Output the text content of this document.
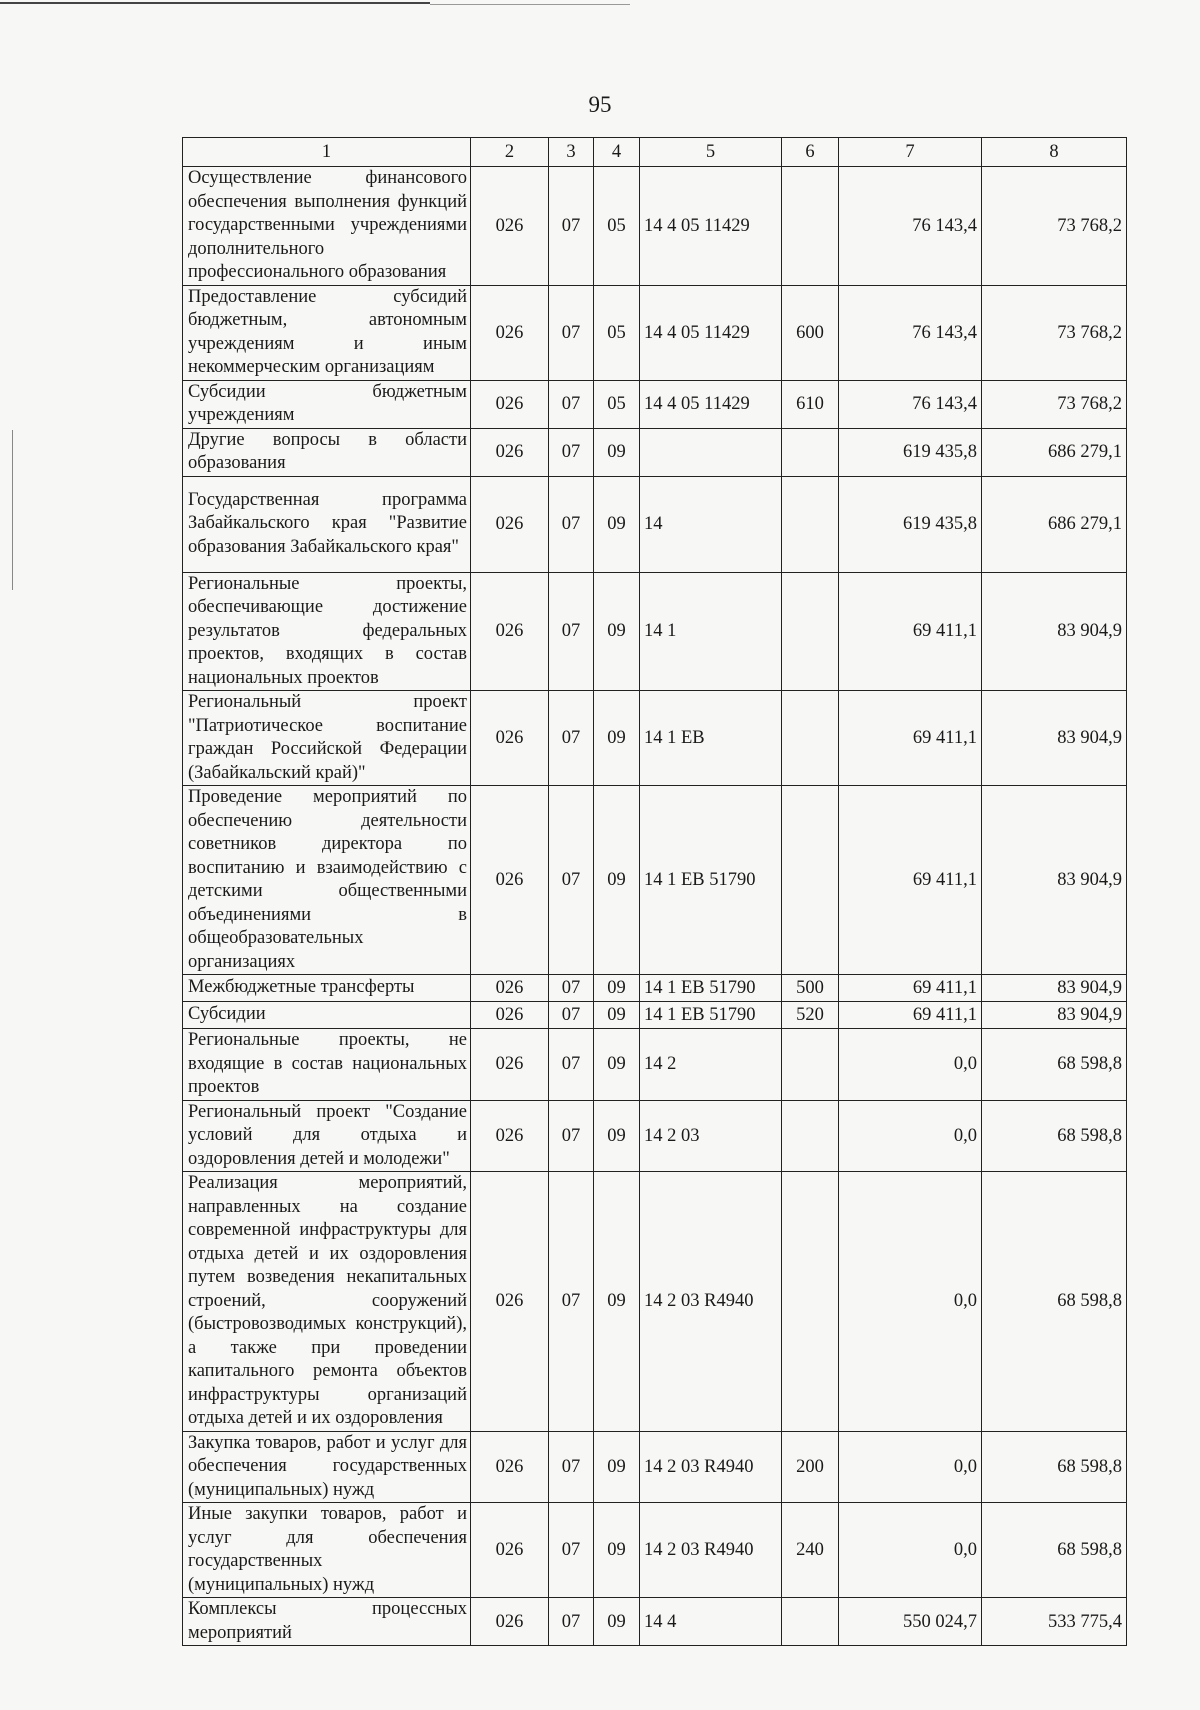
95
1	2	3	4	5	6	7	8
Осуществление финансового обеспечения выполнения функций государственными учреждениями дополнительного профессионального образования	026	07	05	14 4 05 11429		76 143,4	73 768,2
Предоставление субсидий бюджетным, автономным учреждениям и иным некоммерческим организациям	026	07	05	14 4 05 11429	600	76 143,4	73 768,2
Субсидии бюджетным учреждениям	026	07	05	14 4 05 11429	610	76 143,4	73 768,2
Другие вопросы в области образования	026	07	09			619 435,8	686 279,1
Государственная программа Забайкальского края "Развитие образования Забайкальского края"	026	07	09	14		619 435,8	686 279,1
Региональные проекты, обеспечивающие достижение результатов федеральных проектов, входящих в состав национальных проектов	026	07	09	14 1		69 411,1	83 904,9
Региональный проект "Патриотическое воспитание граждан Российской Федерации (Забайкальский край)"	026	07	09	14 1 ЕВ		69 411,1	83 904,9
Проведение мероприятий по обеспечению деятельности советников директора по воспитанию и взаимодействию с детскими общественными объединениями в общеобразовательных организациях	026	07	09	14 1 ЕВ 51790		69 411,1	83 904,9
Межбюджетные трансферты	026	07	09	14 1 ЕВ 51790	500	69 411,1	83 904,9
Субсидии	026	07	09	14 1 ЕВ 51790	520	69 411,1	83 904,9
Региональные проекты, не входящие в состав национальных проектов	026	07	09	14 2		0,0	68 598,8
Региональный проект "Создание условий для отдыха и оздоровления детей и молодежи"	026	07	09	14 2 03		0,0	68 598,8
Реализация мероприятий, направленных на создание современной инфраструктуры для отдыха детей и их оздоровления путем возведения некапитальных строений, сооружений (быстровозводимых конструкций), а также при проведении капитального ремонта объектов инфраструктуры организаций отдыха детей и их оздоровления	026	07	09	14 2 03 R4940		0,0	68 598,8
Закупка товаров, работ и услуг для обеспечения государственных (муниципальных) нужд	026	07	09	14 2 03 R4940	200	0,0	68 598,8
Иные закупки товаров, работ и услуг для обеспечения государственных (муниципальных) нужд	026	07	09	14 2 03 R4940	240	0,0	68 598,8
Комплексы процессных мероприятий	026	07	09	14 4		550 024,7	533 775,4
